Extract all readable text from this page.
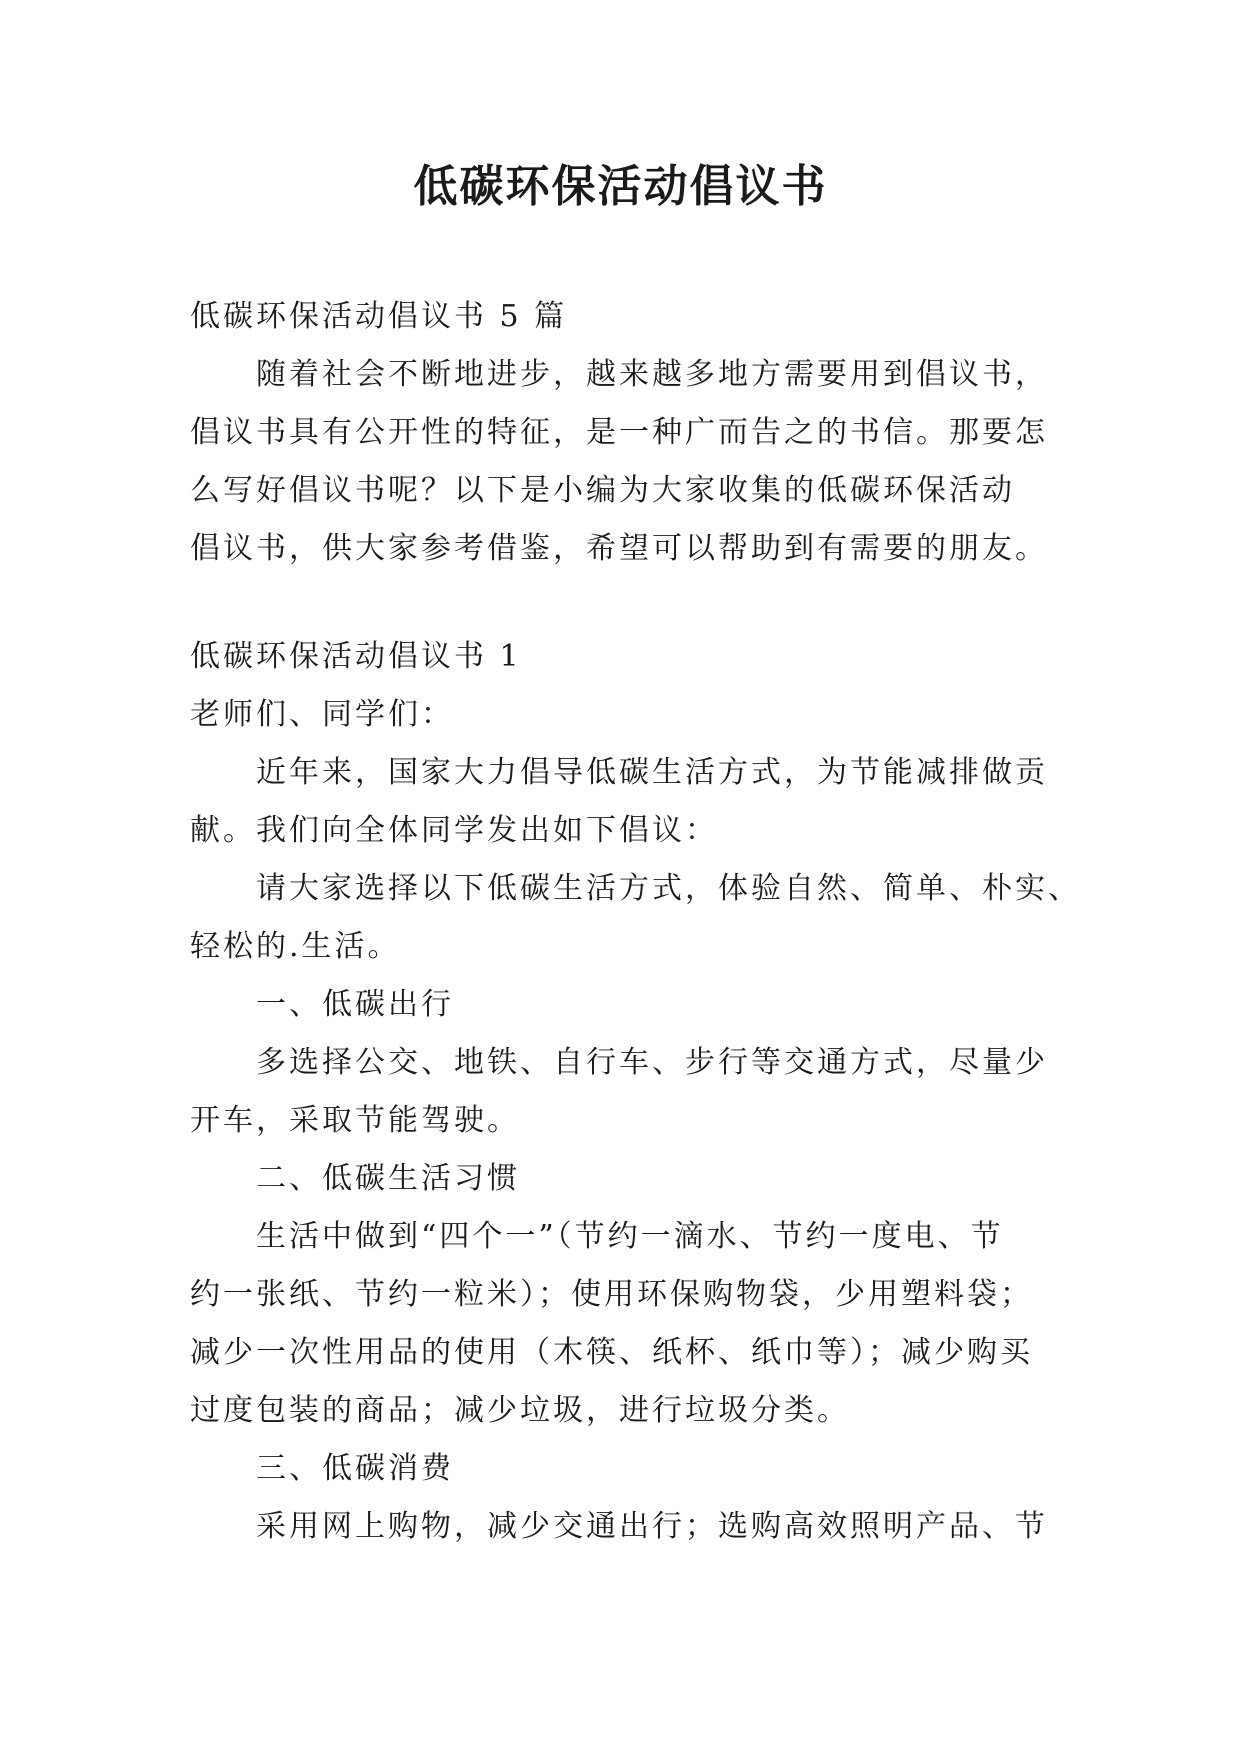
低碳环保活动倡议书
低碳环保活动倡议书 5 篇
随着社会不断地进步，越来越多地方需要用到倡议书，
倡议书具有公开性的特征，是一种广而告之的书信。那要怎
么写好倡议书呢？以下是小编为大家收集的低碳环保活动
倡议书，供大家参考借鉴，希望可以帮助到有需要的朋友。
低碳环保活动倡议书 1
老师们、同学们：
近年来，国家大力倡导低碳生活方式，为节能减排做贡
献。我们向全体同学发出如下倡议：
请大家选择以下低碳生活方式，体验自然、简单、朴实、
轻松的.生活。
一、低碳出行
多选择公交、地铁、自行车、步行等交通方式，尽量少
开车，采取节能驾驶。
二、低碳生活习惯
生活中做到“四个一”（节约一滴水、节约一度电、节
约一张纸、节约一粒米）；使用环保购物袋，少用塑料袋；
减少一次性用品的使用（木筷、纸杯、纸巾等）；减少购买
过度包装的商品；减少垃圾，进行垃圾分类。
三、低碳消费
采用网上购物，减少交通出行；选购高效照明产品、节
